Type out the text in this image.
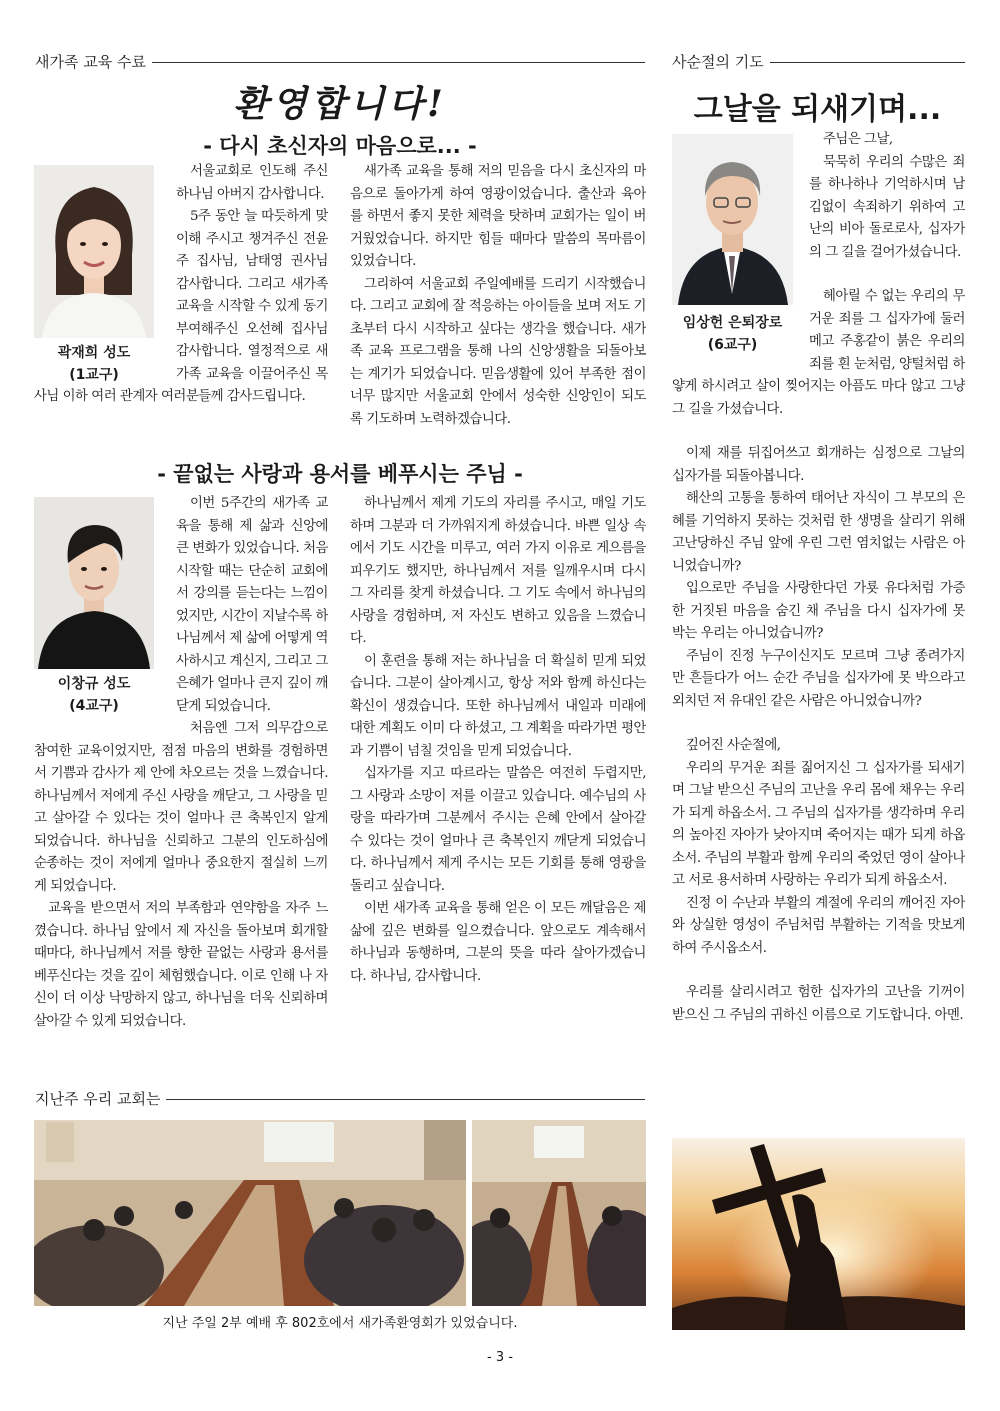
새가족 교육 수료
환영합니다!
- 다시 초신자의 마음으로... -
곽재희 성도
(1교구)

서울교회로 인도해 주신 하나님 아버지 감사합니다.

5주 동안 늘 따듯하게 맞이해 주시고 챙겨주신 전윤주 집사님, 남태영 권사님 감사합니다. 그리고 새가족 교육을 시작할 수 있게 동기부여해주신 오선혜 집사님 감사합니다. 열정적으로 새가족 교육을 이끌어주신 목사님 이하 여러 관계자 여러분들께 감사드립니다.

새가족 교육을 통해 저의 믿음을 다시 초신자의 마음으로 돌아가게 하여 영광이었습니다. 출산과 육아를 하면서 좋지 못한 체력을 탓하며 교회가는 일이 버거웠었습니다. 하지만 힘들 때마다 말씀의 목마름이 있었습니다.

그리하여 서울교회 주일예배를 드리기 시작했습니다. 그리고 교회에 잘 적응하는 아이들을 보며 저도 기초부터 다시 시작하고 싶다는 생각을 했습니다. 새가족 교육 프로그램을 통해 나의 신앙생활을 되돌아보는 계기가 되었습니다. 믿음생활에 있어 부족한 점이 너무 많지만 서울교회 안에서 성숙한 신앙인이 되도록 기도하며 노력하겠습니다.

- 끝없는 사랑과 용서를 베푸시는 주님 -
이창규 성도
(4교구)

이번 5주간의 새가족 교육을 통해 제 삶과 신앙에 큰 변화가 있었습니다. 처음 시작할 때는 단순히 교회에서 강의를 듣는다는 느낌이었지만, 시간이 지날수록 하나님께서 제 삶에 어떻게 역사하시고 계신지, 그리고 그 은혜가 얼마나 큰지 깊이 깨닫게 되었습니다.

처음엔 그저 의무감으로 참여한 교육이었지만, 점점 마음의 변화를 경험하면서 기쁨과 감사가 제 안에 차오르는 것을 느꼈습니다. 하나님께서 저에게 주신 사랑을 깨닫고, 그 사랑을 믿고 살아갈 수 있다는 것이 얼마나 큰 축복인지 알게 되었습니다. 하나님을 신뢰하고 그분의 인도하심에 순종하는 것이 저에게 얼마나 중요한지 절실히 느끼게 되었습니다.

교육을 받으면서 저의 부족함과 연약함을 자주 느꼈습니다. 하나님 앞에서 제 자신을 돌아보며 회개할 때마다, 하나님께서 저를 향한 끝없는 사랑과 용서를 베푸신다는 것을 깊이 체험했습니다. 이로 인해 나 자신이 더 이상 낙망하지 않고, 하나님을 더욱 신뢰하며 살아갈 수 있게 되었습니다.

하나님께서 제게 기도의 자리를 주시고, 매일 기도하며 그분과 더 가까워지게 하셨습니다. 바쁜 일상 속에서 기도 시간을 미루고, 여러 가지 이유로 게으름을 피우기도 했지만, 하나님께서 저를 일깨우시며 다시 그 자리를 찾게 하셨습니다. 그 기도 속에서 하나님의 사랑을 경험하며, 저 자신도 변하고 있음을 느꼈습니다.

이 훈련을 통해 저는 하나님을 더 확실히 믿게 되었습니다. 그분이 살아계시고, 항상 저와 함께 하신다는 확신이 생겼습니다. 또한 하나님께서 내일과 미래에 대한 계획도 이미 다 하셨고, 그 계획을 따라가면 평안과 기쁨이 넘칠 것임을 믿게 되었습니다.

십자가를 지고 따르라는 말씀은 여전히 두렵지만, 그 사랑과 소망이 저를 이끌고 있습니다. 예수님의 사랑을 따라가며 그분께서 주시는 은혜 안에서 살아갈 수 있다는 것이 얼마나 큰 축복인지 깨닫게 되었습니다. 하나님께서 제게 주시는 모든 기회를 통해 영광을 돌리고 싶습니다.

이번 새가족 교육을 통해 얻은 이 모든 깨달음은 제 삶에 깊은 변화를 일으켰습니다. 앞으로도 계속해서 하나님과 동행하며, 그분의 뜻을 따라 살아가겠습니다. 하나님, 감사합니다.

지난주 우리 교회는
지난 주일 2부 예배 후 802호에서 새가족환영회가 있었습니다.
사순절의 기도
그날을 되새기며...
임상헌 은퇴장로
(6교구)

주님은 그날,

묵묵히 우리의 수많은 죄를 하나하나 기억하시며 남김없이 속죄하기 위하여 고난의 비아 돌로로사, 십자가의 그 길을 걸어가셨습니다.

헤아릴 수 없는 우리의 무거운 죄를 그 십자가에 둘러메고 주홍같이 붉은 우리의 죄를 흰 눈처럼, 양털처럼 하얗게 하시려고 살이 찢어지는 아픔도 마다 않고 그냥 그 길을 가셨습니다.

이제 재를 뒤집어쓰고 회개하는 심정으로 그날의 십자가를 되돌아봅니다.

해산의 고통을 통하여 태어난 자식이 그 부모의 은혜를 기억하지 못하는 것처럼 한 생명을 살리기 위해 고난당하신 주님 앞에 우린 그런 염치없는 사람은 아니었습니까?

입으로만 주님을 사랑한다던 가룟 유다처럼 가증한 거짓된 마음을 숨긴 채 주님을 다시 십자가에 못 박는 우리는 아니었습니까?

주님이 진정 누구이신지도 모르며 그냥 종려가지만 흔들다가 어느 순간 주님을 십자가에 못 박으라고 외치던 저 유대인 같은 사람은 아니었습니까?

깊어진 사순절에,

우리의 무거운 죄를 짊어지신 그 십자가를 되새기며 그날 받으신 주님의 고난을 우리 몸에 채우는 우리가 되게 하옵소서. 그 주님의 십자가를 생각하며 우리의 높아진 자아가 낮아지며 죽어지는 때가 되게 하옵소서. 주님의 부활과 함께 우리의 죽었던 영이 살아나고 서로 용서하며 사랑하는 우리가 되게 하옵소서.

진정 이 수난과 부활의 계절에 우리의 깨어진 자아와 상실한 영성이 주님처럼 부활하는 기적을 맛보게 하여 주시옵소서.

우리를 살리시려고 험한 십자가의 고난을 기꺼이 받으신 그 주님의 귀하신 이름으로 기도합니다. 아멘.

- 3 -
